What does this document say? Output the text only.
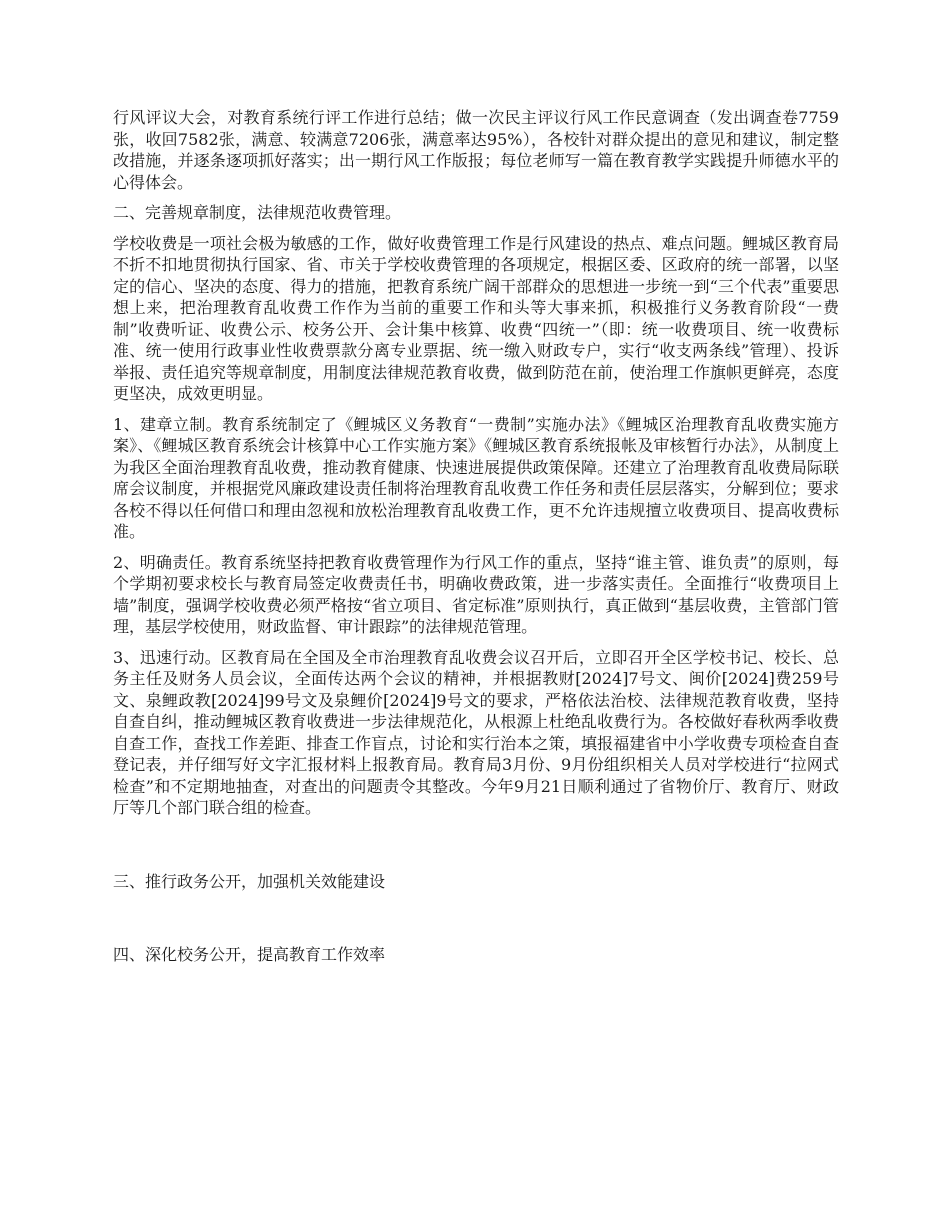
行风评议大会，对教育系统行评工作进行总结；做一次民主评议行风工作民意调查（发出调查卷7759张，收回7582张，满意、较满意7206张，满意率达95%），各校针对群众提出的意见和建议，制定整改措施，并逐条逐项抓好落实；出一期行风工作版报；每位老师写一篇在教育教学实践提升师德水平的心得体会。

二、完善规章制度，法律规范收费管理。

学校收费是一项社会极为敏感的工作，做好收费管理工作是行风建设的热点、难点问题。鲤城区教育局不折不扣地贯彻执行国家、省、市关于学校收费管理的各项规定，根据区委、区政府的统一部署，以坚定的信心、坚决的态度、得力的措施，把教育系统广阔干部群众的思想进一步统一到“三个代表”重要思想上来，把治理教育乱收费工作作为当前的重要工作和头等大事来抓，积极推行义务教育阶段“一费制”收费听证、收费公示、校务公开、会计集中核算、收费“四统一”（即：统一收费项目、统一收费标准、统一使用行政事业性收费票款分离专业票据、统一缴入财政专户，实行“收支两条线”管理）、投诉举报、责任追究等规章制度，用制度法律规范教育收费，做到防范在前，使治理工作旗帜更鲜亮，态度更坚决，成效更明显。

1、建章立制。教育系统制定了《鲤城区义务教育“一费制”实施办法》《鲤城区治理教育乱收费实施方案》、《鲤城区教育系统会计核算中心工作实施方案》《鲤城区教育系统报帐及审核暂行办法》，从制度上为我区全面治理教育乱收费，推动教育健康、快速进展提供政策保障。还建立了治理教育乱收费局际联席会议制度，并根据党风廉政建设责任制将治理教育乱收费工作任务和责任层层落实，分解到位；要求各校不得以任何借口和理由忽视和放松治理教育乱收费工作，更不允许违规擅立收费项目、提高收费标准。

2、明确责任。教育系统坚持把教育收费管理作为行风工作的重点，坚持“谁主管、谁负责”的原则，每个学期初要求校长与教育局签定收费责任书，明确收费政策，进一步落实责任。全面推行“收费项目上墙”制度，强调学校收费必须严格按“省立项目、省定标准”原则执行，真正做到“基层收费，主管部门管理，基层学校使用，财政监督、审计跟踪”的法律规范管理。

3、迅速行动。区教育局在全国及全市治理教育乱收费会议召开后，立即召开全区学校书记、校长、总务主任及财务人员会议，全面传达两个会议的精神，并根据教财[2024]7号文、闽价[2024]费259号文、泉鲤政教[2024]99号文及泉鲤价[2024]9号文的要求，严格依法治校、法律规范教育收费，坚持自查自纠，推动鲤城区教育收费进一步法律规范化，从根源上杜绝乱收费行为。各校做好春秋两季收费自查工作，查找工作差距、排查工作盲点，讨论和实行治本之策，填报福建省中小学收费专项检查自查登记表，并仔细写好文字汇报材料上报教育局。教育局3月份、9月份组织相关人员对学校进行“拉网式检查”和不定期地抽查，对查出的问题责令其整改。今年9月21日顺利通过了省物价厅、教育厅、财政厅等几个部门联合组的检查。

三、推行政务公开，加强机关效能建设

四、深化校务公开，提高教育工作效率
